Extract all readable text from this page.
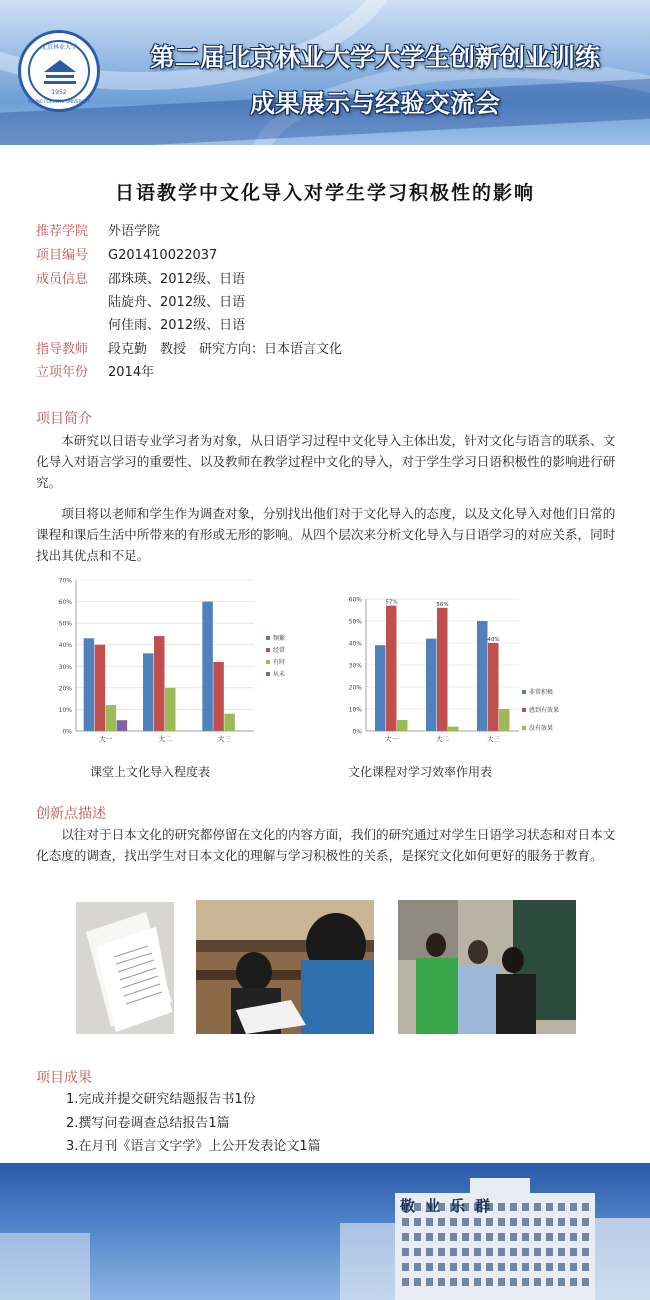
北京林业大学
1952
BEIJING FORESTRY UNIVERSITY
第二届北京林业大学大学生创新创业训练
成果展示与经验交流会
日语教学中文化导入对学生学习积极性的影响
推荐学院 外语学院
项目编号 G201410022037
成员信息 邵珠瑛、2012级、日语
陆旋舟、2012级、日语
何佳雨、2012级、日语
指导教师 段克勤　教授　研究方向：日本语言文化
立项年份 2014年
项目简介
本研究以日语专业学习者为对象，从日语学习过程中文化导入主体出发，针对文化与语言的联系、文化导入对语言学习的重要性、以及教师在教学过程中文化的导入，对于学生学习日语积极性的影响进行研究。
项目将以老师和学生作为调查对象，分别找出他们对于文化导入的态度，以及文化导入对他们日常的课程和课后生活中所带来的有形或无形的影响。从四个层次来分析文化导入与日语学习的对应关系，同时找出其优点和不足。
0%
10%
20%
30%
40%
50%
60%
70%
大一	大二	大三
频繁
经常
有时
从未
课堂上文化导入程度表
0%
10%
20%
30%
40%
50%
60%
大一
57%
大二
56%
大三
40%
非常积极
感到有效果
没有效果
文化课程对学习效率作用表
创新点描述
以往对于日本文化的研究都停留在文化的内容方面，我们的研究通过对学生日语学习状态和对日本文化态度的调查，找出学生对日本文化的理解与学习积极性的关系，是探究文化如何更好的服务于教育。
项目成果
1.完成并提交研究结题报告书1份
2.撰写问卷调查总结报告1篇
3.在月刊《语言文字学》上公开发表论文1篇
敬业乐群
